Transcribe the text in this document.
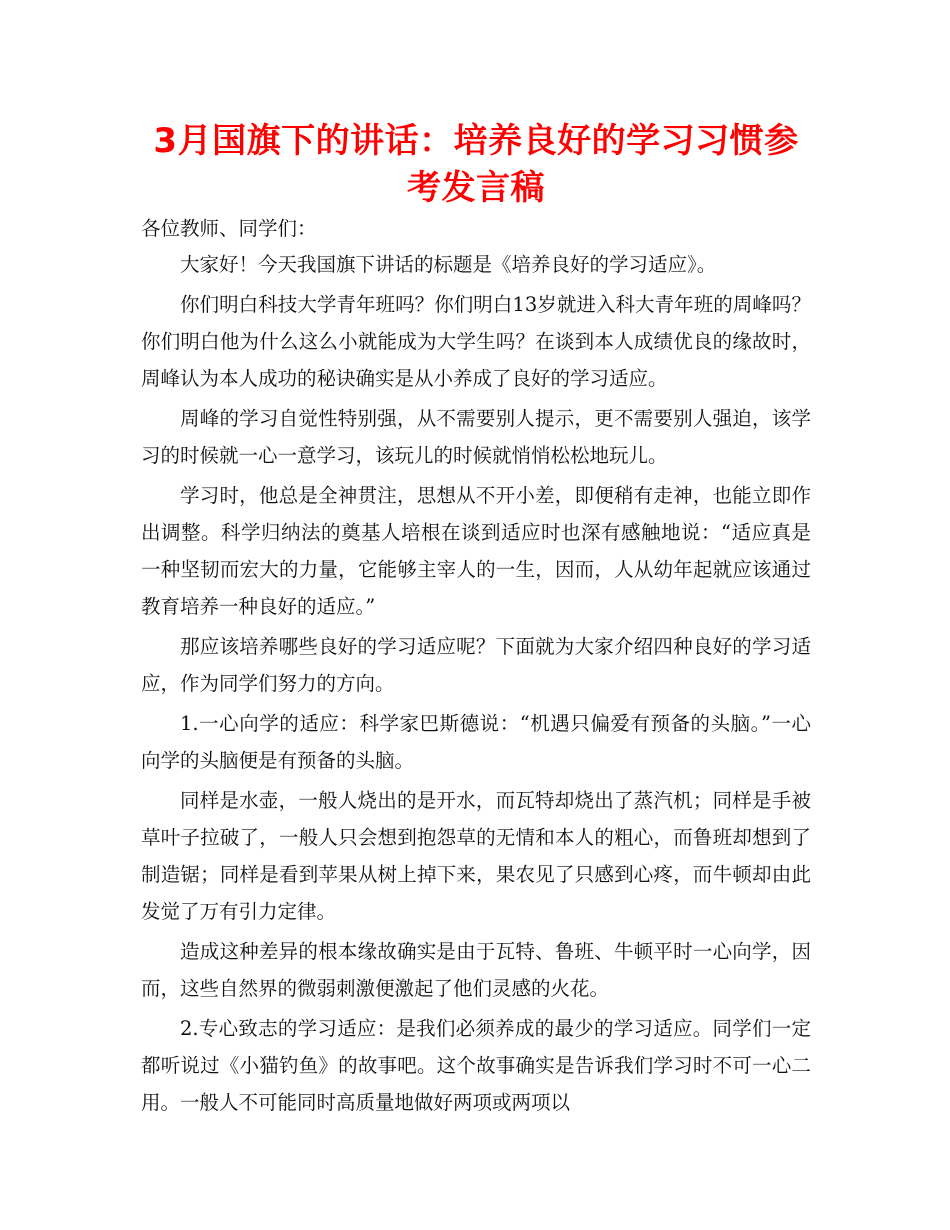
3月国旗下的讲话：培养良好的学习习惯参考发言稿

各位教师、同学们：

大家好！今天我国旗下讲话的标题是《培养良好的学习适应》。

你们明白科技大学青年班吗？你们明白13岁就进入科大青年班的周峰吗？你们明白他为什么这么小就能成为大学生吗？在谈到本人成绩优良的缘故时，周峰认为本人成功的秘诀确实是从小养成了良好的学习适应。

周峰的学习自觉性特别强，从不需要别人提示，更不需要别人强迫，该学习的时候就一心一意学习，该玩儿的时候就悄悄松松地玩儿。

学习时，他总是全神贯注，思想从不开小差，即便稍有走神，也能立即作出调整。科学归纳法的奠基人培根在谈到适应时也深有感触地说：“适应真是一种坚韧而宏大的力量，它能够主宰人的一生，因而，人从幼年起就应该通过教育培养一种良好的适应。”

那应该培养哪些良好的学习适应呢？下面就为大家介绍四种良好的学习适应，作为同学们努力的方向。

1.一心向学的适应：科学家巴斯德说：“机遇只偏爱有预备的头脑。”一心向学的头脑便是有预备的头脑。

同样是水壶，一般人烧出的是开水，而瓦特却烧出了蒸汽机；同样是手被草叶子拉破了，一般人只会想到抱怨草的无情和本人的粗心，而鲁班却想到了制造锯；同样是看到苹果从树上掉下来，果农见了只感到心疼，而牛顿却由此发觉了万有引力定律。

造成这种差异的根本缘故确实是由于瓦特、鲁班、牛顿平时一心向学，因而，这些自然界的微弱刺激便激起了他们灵感的火花。

2.专心致志的学习适应：是我们必须养成的最少的学习适应。同学们一定都听说过《小猫钓鱼》的故事吧。这个故事确实是告诉我们学习时不可一心二用。一般人不可能同时高质量地做好两项或两项以
